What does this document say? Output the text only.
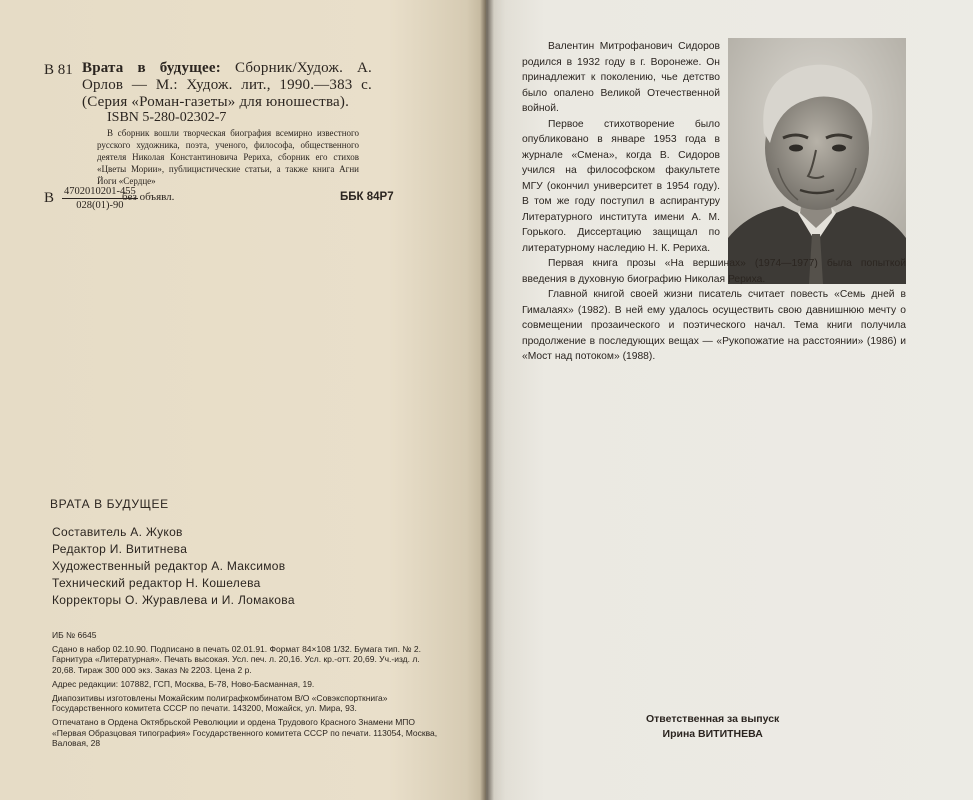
В 81 Врата в будущее: Сборник/Худож. А. Орлов — М.: Худож. лит., 1990.—383 с. (Серия «Роман-газеты» для юношества).
ISBN 5-280-02302-7
В сборник вошли творческая биография всемирно известного русского художника, поэта, ученого, философа, общественного деятеля Николая Константиновича Рериха, сборник его стихов «Цветы Мории», публицистические статьи, а также книга Агни Йоги «Сердце»
В $\frac{4702010201-455}{028(01)-90}$
без объявл.	ББК 84Р7
ВРАТА В БУДУЩЕЕ
Составитель А. Жуков
Редактор И. Вититнева
Художественный редактор А. Максимов
Технический редактор Н. Кошелева
Корректоры О. Журавлева и И. Ломакова

ИБ № 6645

Сдано в набор 02.10.90. Подписано в печать 02.01.91. Формат 84×108 1/32. Бумага тип. № 2. Гарнитура «Литературная». Печать высокая. Усл. печ. л. 20,16. Усл. кр.-отт. 20,69. Уч.-изд. л. 20,68. Тираж 300 000 экз. Заказ № 2203. Цена 2 р.

Адрес редакции: 107882, ГСП, Москва, Б-78, Ново-Басманная, 19.

Диапозитивы изготовлены Можайским полиграфкомбинатом В/О «Совэкспорткнига» Государственного комитета СССР по печати. 143200, Можайск, ул. Мира, 93.

Отпечатано в Ордена Октябрьской Революции и ордена Трудового Красного Знамени МПО «Первая Образцовая типография» Государственного комитета СССР по печати. 113054, Москва, Валовая, 28

Валентин Митрофанович Сидоров родился в 1932 году в г. Воронеже. Он принадлежит к поколению, чье детство было опалено Великой Отечественной войной.

Первое стихотворение было опубликовано в январе 1953 года в журнале «Смена», когда В. Сидоров учился на философском факультете МГУ (окончил университет в 1954 году). В том же году поступил в аспирантуру Литературного института имени А. М. Горького. Диссертацию защищал по литературному наследию Н. К. Рериха.

Первая книга прозы «На вершинах» (1974—1977) была попыткой введения в духовную биографию Николая Рериха.

Главной книгой своей жизни писатель считает повесть «Семь дней в Гималаях» (1982). В ней ему удалось осуществить свою давнишнюю мечту о совмещении прозаического и поэтического начал. Тема книги получила продолжение в последующих вещах — «Рукопожатие на расстоянии» (1986) и «Мост над потоком» (1988).

Ответственная за выпуск
Ирина ВИТИТНЕВА
